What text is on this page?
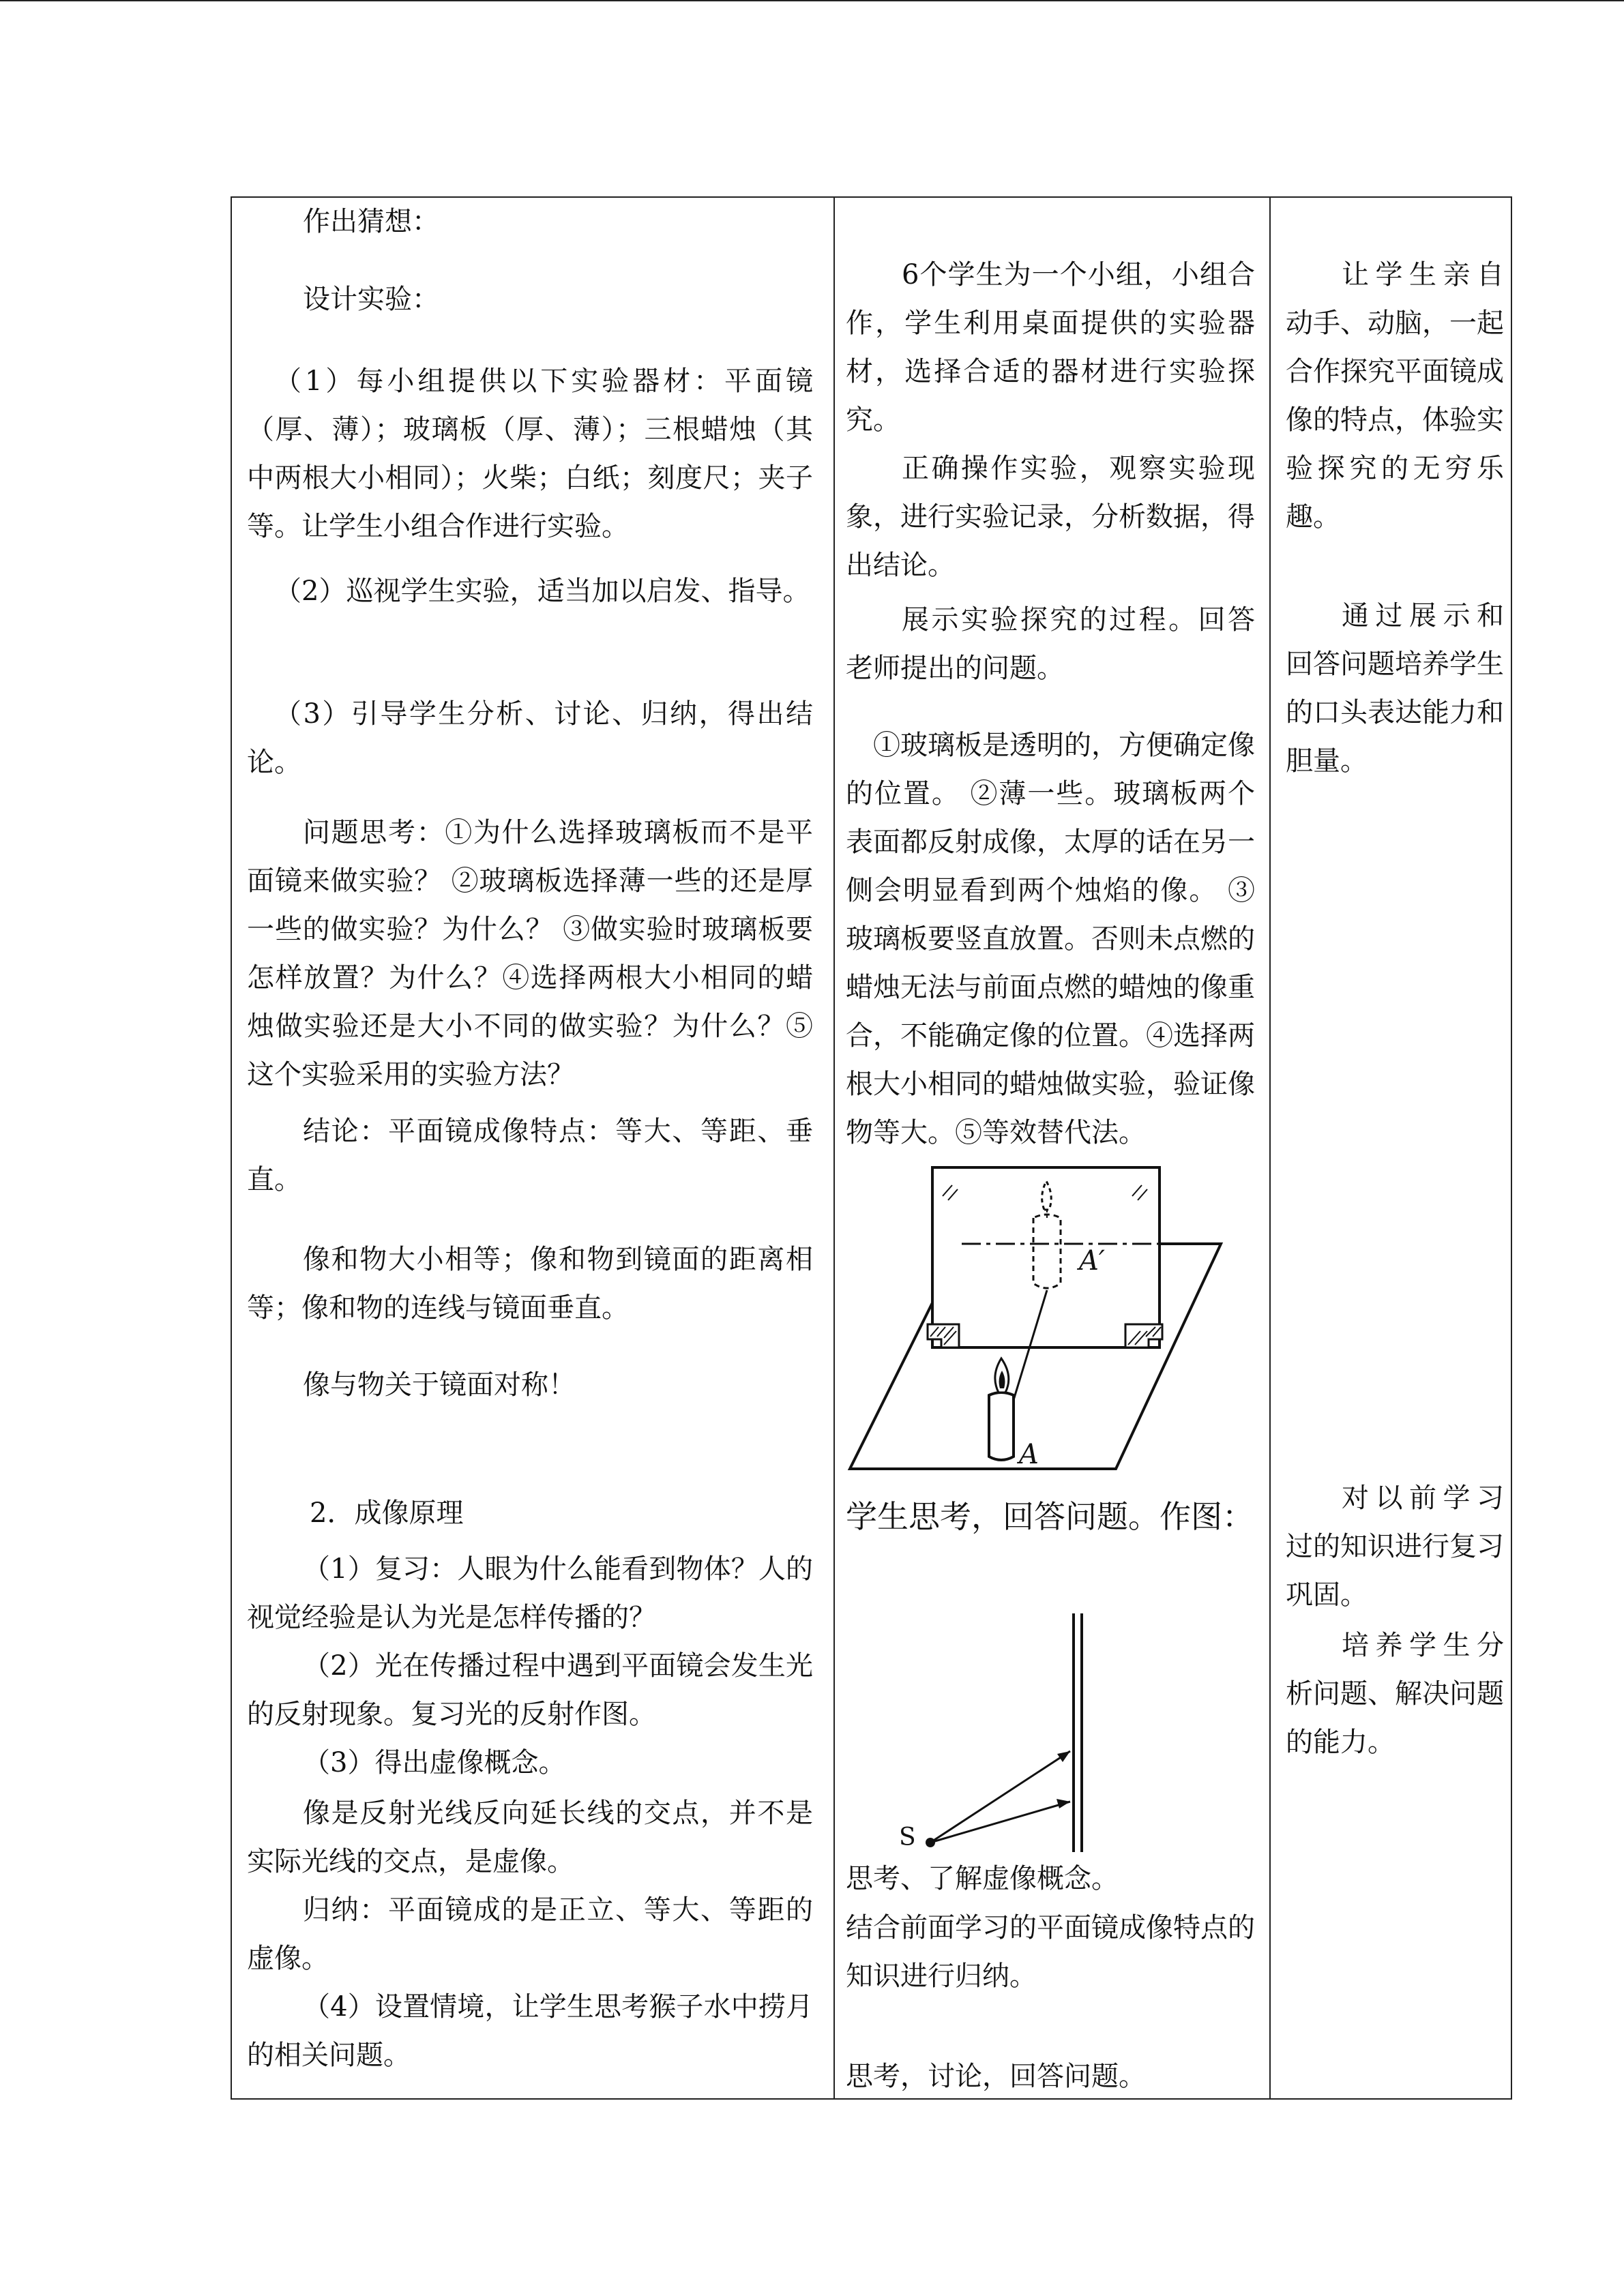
作出猜想：

设计实验：

（1）每小组提供以下实验器材：平面镜（厚、薄）；玻璃板（厚、薄）；三根蜡烛（其中两根大小相同）；火柴；白纸；刻度尺；夹子等。让学生小组合作进行实验。

（2）巡视学生实验，适当加以启发、指导。

（3）引导学生分析、讨论、归纳，得出结论。

问题思考：①为什么选择玻璃板而不是平面镜来做实验？ ②玻璃板选择薄一些的还是厚一些的做实验？为什么？ ③做实验时玻璃板要怎样放置？为什么？④选择两根大小相同的蜡烛做实验还是大小不同的做实验？为什么？⑤这个实验采用的实验方法？

结论：平面镜成像特点：等大、等距、垂直。

像和物大小相等；像和物到镜面的距离相等；像和物的连线与镜面垂直。

像与物关于镜面对称！

2．成像原理

（1）复习：人眼为什么能看到物体？人的视觉经验是认为光是怎样传播的？

（2）光在传播过程中遇到平面镜会发生光的反射现象。复习光的反射作图。

（3）得出虚像概念。

像是反射光线反向延长线的交点，并不是实际光线的交点，是虚像。

归纳：平面镜成的是正立、等大、等距的虚像。

（4）设置情境，让学生思考猴子水中捞月的相关问题。

6个学生为一个小组，小组合作，学生利用桌面提供的实验器材，选择合适的器材进行实验探究。

正确操作实验，观察实验现象，进行实验记录，分析数据，得出结论。

展示实验探究的过程。回答老师提出的问题。

①玻璃板是透明的，方便确定像的位置。 ②薄一些。玻璃板两个表面都反射成像，太厚的话在另一侧会明显看到两个烛焰的像。 ③玻璃板要竖直放置。否则未点燃的蜡烛无法与前面点燃的蜡烛的像重合，不能确定像的位置。④选择两根大小相同的蜡烛做实验，验证像物等大。⑤等效替代法。

A′
A

学生思考，回答问题。作图：

S

思考、了解虚像概念。

结合前面学习的平面镜成像特点的知识进行归纳。

思考，讨论，回答问题。

让学生亲自动手、动脑，一起合作探究平面镜成像的特点，体验实验探究的无穷乐趣。

通过展示和回答问题培养学生的口头表达能力和胆量。

对以前学习过的知识进行复习巩固。

培养学生分析问题、解决问题的能力。
